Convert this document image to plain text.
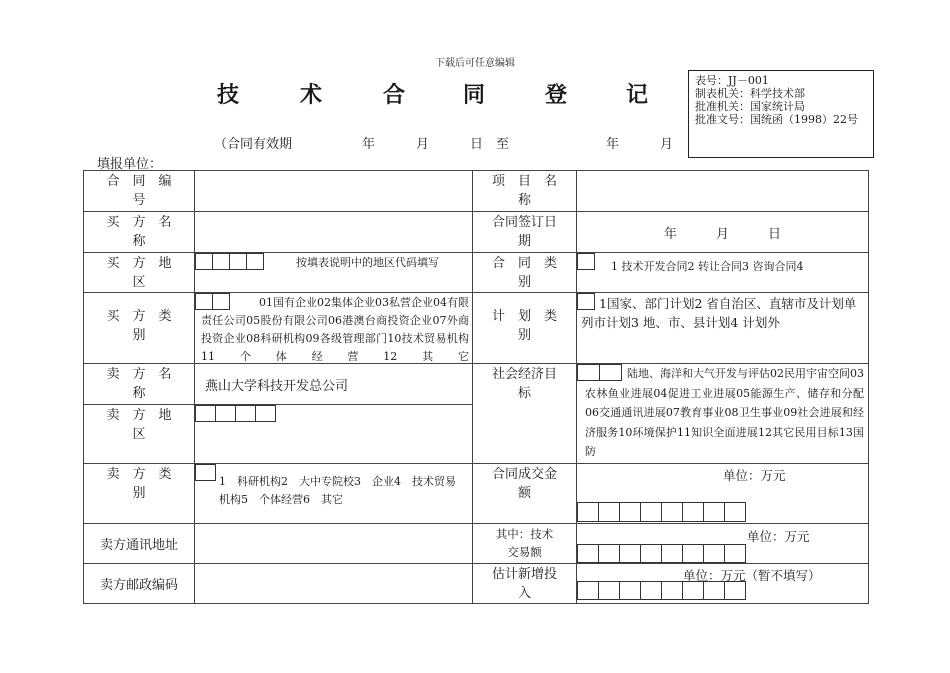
下载后可任意编辑
技	术	合	同	登	记
表号：JJ－001
制表机关：科学技术部
批准机关：国家统计局
批准文号：国统函（1998）22号
（合同有效期	年	月	日 至	年	月
填报单位：
合　同　编　号		项　目　名　称	
买　方　名　称		合同签订日期	年　　　月　　　日
买　方　地　区	按填表说明中的地区代码填写	合　同　类　别	1 技术开发合同2 转让合同3 咨询合同4

买　方　类　别	01国有企业02集体企业03私营企业04有限责任公司05股份有限公司06港澳台商投资企业07外商投资企业08科研机构09各级管理部门10技术贸易机构11个体经营12其它	计　划　类　别	1国家、部门计划2 省自治区、直辖市及计划单列市计划3 地、市、县计划4 计划外

卖　方　名　称	燕山大学科技开发总公司	社会经济目标	陆地、海洋和大气开发与评估02民用宇宙空间03农林鱼业进展04促进工业进展05能源生产、储存和分配06交通通讯进展07教育事业08卫生事业09社会进展和经济服务10环境保护11知识全面进展12其它民用目标13国防

卖　方　地　区			

卖　方　类　别	1　科研机构2　大中专院校3　企业4　技术贸易机构5　个体经营6　其它	合同成交金额	单位：万元

卖方通讯地址		其中：技术交易额	单位：万元

卖方邮政编码		估计新增投入	单位：万元（暂不填写）
